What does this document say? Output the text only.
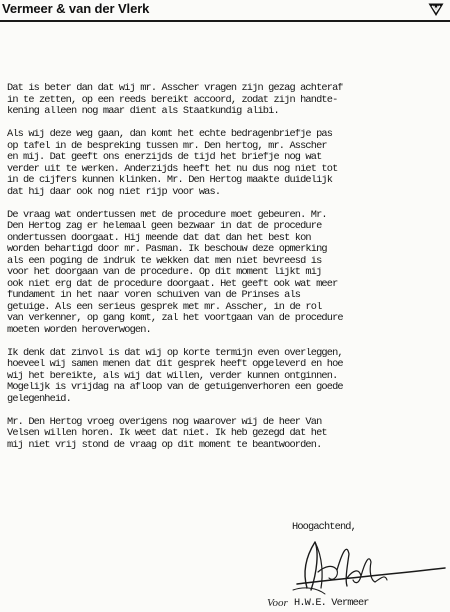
Vermeer & van der Vlerk
Dat is beter dan dat wij mr. Asscher vragen zijn gezag achteraf
in te zetten, op een reeds bereikt accoord, zodat zijn handte-
kening alleen nog maar dient als Staatkundig alibi.
Als wij deze weg gaan, dan komt het echte bedragenbriefje pas
op tafel in de bespreking tussen mr. Den hertog, mr. Asscher
en mij. Dat geeft ons enerzijds de tijd het briefje nog wat
verder uit te werken. Anderzijds heeft het nu dus nog niet tot
in de cijfers kunnen klinken. Mr. Den Hertog maakte duidelijk
dat hij daar ook nog niet rijp voor was.
De vraag wat ondertussen met de procedure moet gebeuren. Mr.
Den Hertog zag er helemaal geen bezwaar in dat de procedure
ondertussen doorgaat. Hij meende dat dat dan het best kon
worden behartigd door mr. Pasman. Ik beschouw deze opmerking
als een poging de indruk te wekken dat men niet bevreesd is
voor het doorgaan van de procedure. Op dit moment lijkt mij
ook niet erg dat de procedure doorgaat. Het geeft ook wat meer
fundament in het naar voren schuiven van de Prinses als
getuige. Als een serieus gesprek met mr. Asscher, in de rol
van verkenner, op gang komt, zal het voortgaan van de procedure
moeten worden heroverwogen.
Ik denk dat zinvol is dat wij op korte termijn even overleggen,
hoeveel wij samen menen dat dit gesprek heeft opgeleverd en hoe
wij het bereikte, als wij dat willen, verder kunnen ontginnen.
Mogelijk is vrijdag na afloop van de getuigenverhoren een goede
gelegenheid.
Mr. Den Hertog vroeg overigens nog waarover wij de heer Van
Velsen willen horen. Ik weet dat niet. Ik heb gezegd dat het
mij niet vrij stond de vraag op dit moment te beantwoorden.
Hoogachtend,
Voor H.W.E. Vermeer
